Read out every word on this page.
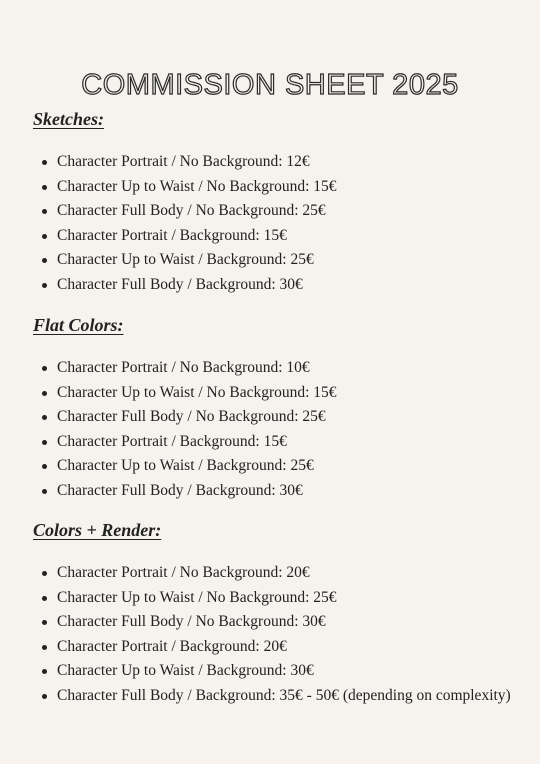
COMMISSION SHEET 2025
Sketches:
Character Portrait / No Background: 12€
Character Up to Waist / No Background: 15€
Character Full Body / No Background: 25€
Character Portrait / Background: 15€
Character Up to Waist / Background: 25€
Character Full Body / Background: 30€
Flat Colors:
Character Portrait / No Background: 10€
Character Up to Waist / No Background: 15€
Character Full Body / No Background: 25€
Character Portrait / Background: 15€
Character Up to Waist / Background: 25€
Character Full Body / Background: 30€
Colors + Render:
Character Portrait / No Background: 20€
Character Up to Waist / No Background: 25€
Character Full Body / No Background: 30€
Character Portrait / Background: 20€
Character Up to Waist / Background: 30€
Character Full Body / Background: 35€ - 50€ (depending on complexity)
